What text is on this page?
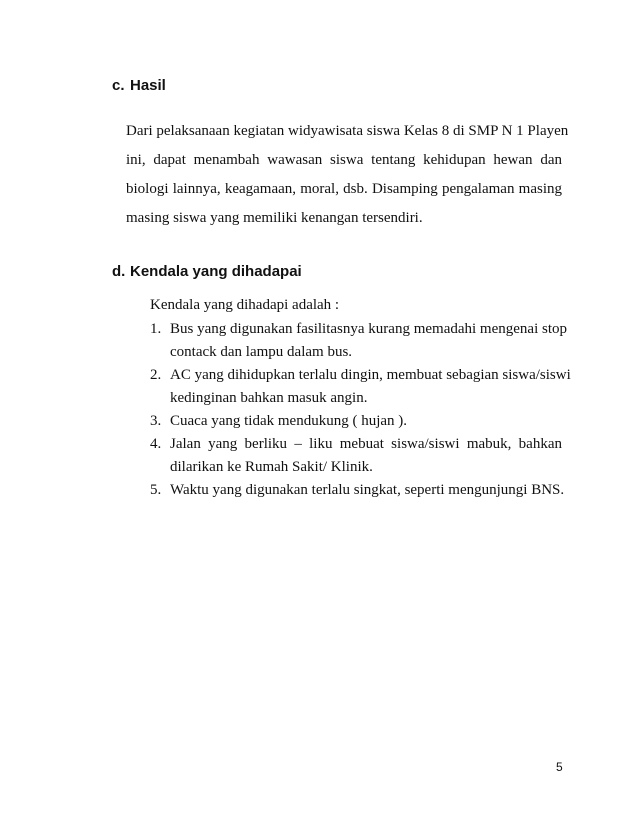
c. Hasil
Dari pelaksanaan kegiatan widyawisata siswa Kelas 8 di SMP N 1 Playen
ini, dapat menambah wawasan siswa tentang kehidupan hewan dan
biologi lainnya, keagamaan, moral, dsb. Disamping pengalaman masing
masing siswa yang memiliki kenangan tersendiri.
d. Kendala yang dihadapai
Kendala yang dihadapi adalah :
1. Bus yang digunakan fasilitasnya kurang memadahi mengenai stop
contack dan lampu dalam bus.
2. AC yang dihidupkan terlalu dingin, membuat sebagian siswa/siswi
kedinginan bahkan masuk angin.
3. Cuaca yang tidak mendukung ( hujan ).
4. Jalan yang berliku – liku mebuat siswa/siswi mabuk, bahkan
dilarikan ke Rumah Sakit/ Klinik.
5. Waktu yang digunakan terlalu singkat, seperti mengunjungi BNS.
5
